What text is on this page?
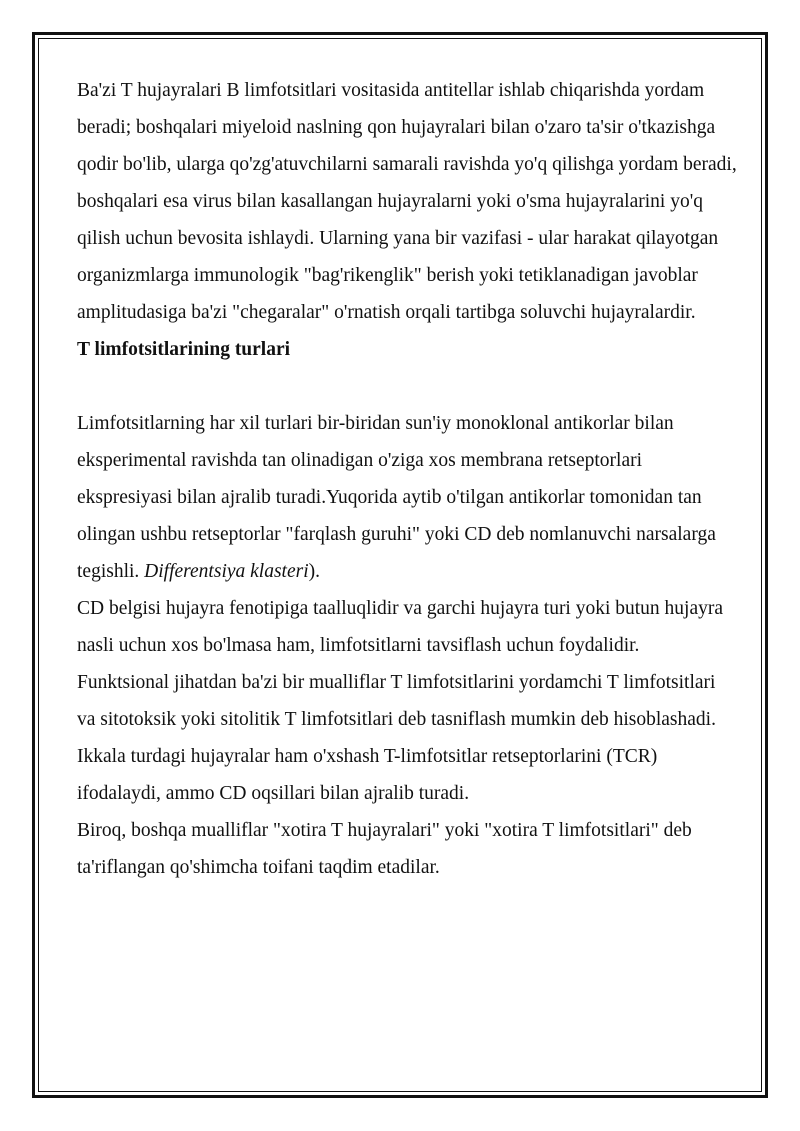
Ba'zi T hujayralari B limfotsitlari vositasida antitellar ishlab chiqarishda yordam beradi; boshqalari miyeloid naslning qon hujayralari bilan o'zaro ta'sir o'tkazishga qodir bo'lib, ularga qo'zg'atuvchilarni samarali ravishda yo'q qilishga yordam beradi, boshqalari esa virus bilan kasallangan hujayralarni yoki o'sma hujayralarini yo'q qilish uchun bevosita ishlaydi. Ularning yana bir vazifasi - ular harakat qilayotgan organizmlarga immunologik "bag'rikenglik" berish yoki tetiklanadigan javoblar amplitudasiga ba'zi "chegaralar" o'rnatish orqali tartibga soluvchi hujayralardir.

T limfotsitlarining turlari

Limfotsitlarning har xil turlari bir-biridan sun'iy monoklonal antikorlar bilan eksperimental ravishda tan olinadigan o'ziga xos membrana retseptorlari ekspresiyasi bilan ajralib turadi.Yuqorida aytib o'tilgan antikorlar tomonidan tan olingan ushbu retseptorlar "farqlash guruhi" yoki CD deb nomlanuvchi narsalarga tegishli. Differentsiya klasteri).

CD belgisi hujayra fenotipiga taalluqlidir va garchi hujayra turi yoki butun hujayra nasli uchun xos bo'lmasa ham, limfotsitlarni tavsiflash uchun foydalidir.

Funktsional jihatdan ba'zi bir mualliflar T limfotsitlarini yordamchi T limfotsitlari va sitotoksik yoki sitolitik T limfotsitlari deb tasniflash mumkin deb hisoblashadi. Ikkala turdagi hujayralar ham o'xshash T-limfotsitlar retseptorlarini (TCR) ifodalaydi, ammo CD oqsillari bilan ajralib turadi.

Biroq, boshqa mualliflar "xotira T hujayralari" yoki "xotira T limfotsitlari" deb ta'riflangan qo'shimcha toifani taqdim etadilar.
